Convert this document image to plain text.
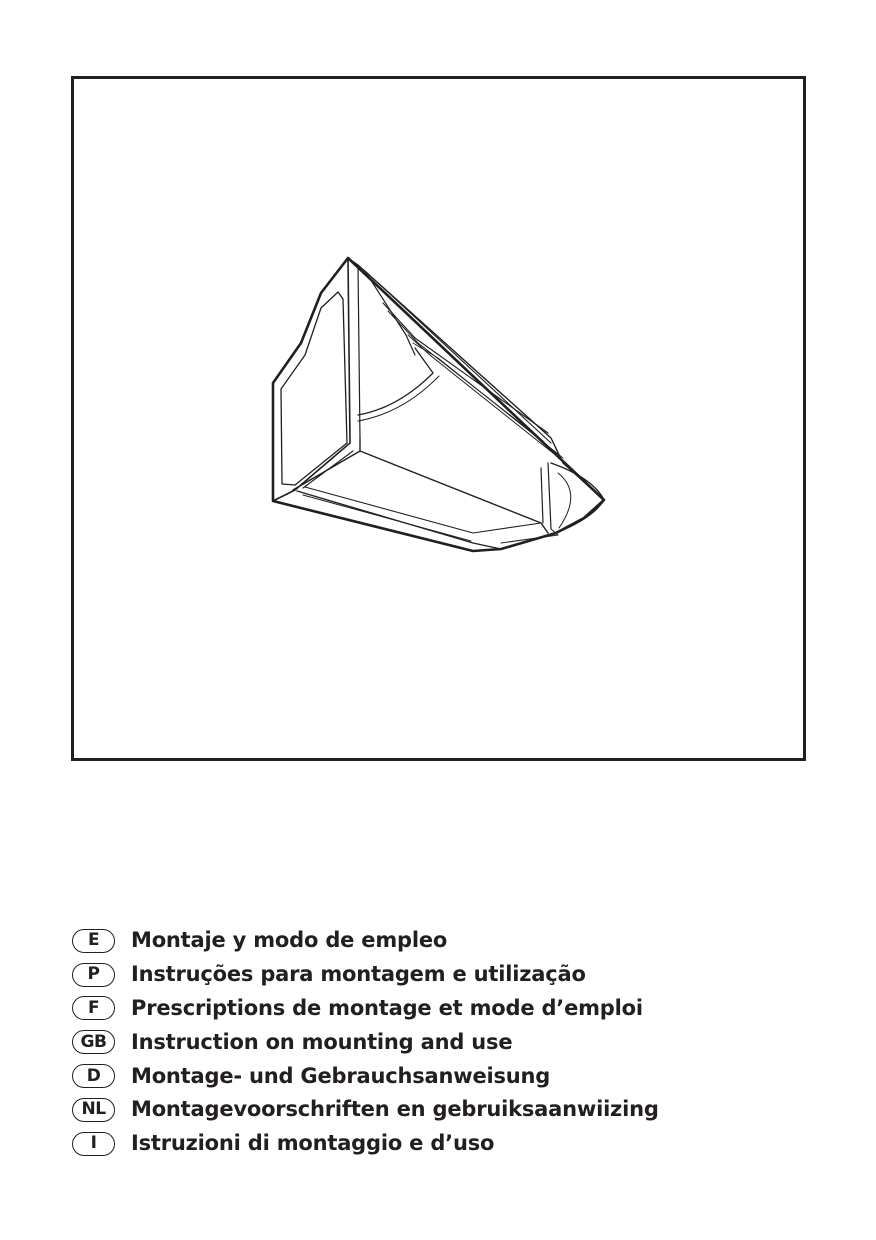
E	Montaje y modo de empleo
P	Instruções para montagem e utilização
F	Prescriptions de montage et mode d’emploi
GB	Instruction on mounting and use
D	Montage- und Gebrauchsanweisung
NL	Montagevoorschriften en gebruiksaanwiizing
I	Istruzioni di montaggio e d’uso
